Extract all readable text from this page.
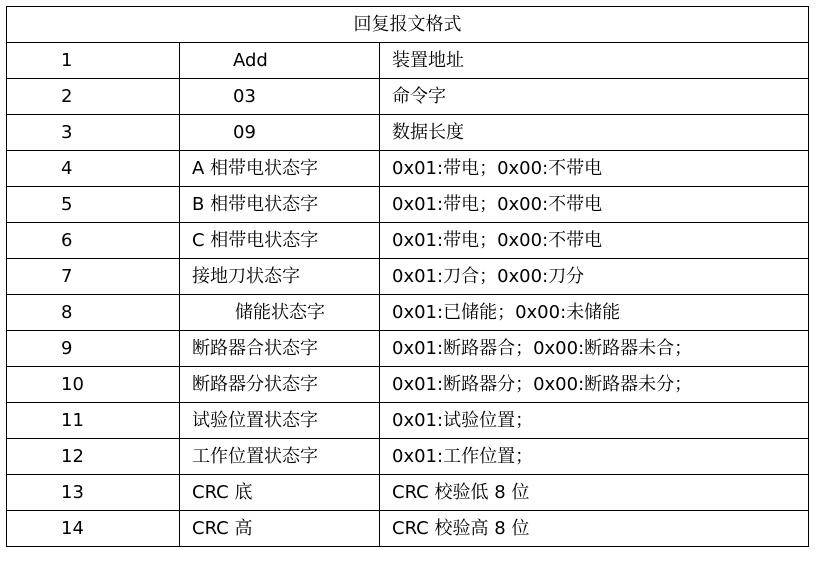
回复报文格式		
1	Add	装置地址
2	03	命令字
3	09	数据长度
4	A 相带电状态字	0x01:带电；0x00:不带电
5	B 相带电状态字	0x01:带电；0x00:不带电
6	C 相带电状态字	0x01:带电；0x00:不带电
7	接地刀状态字	0x01:刀合；0x00:刀分
8	储能状态字	0x01:已储能；0x00:未储能
9	断路器合状态字	0x01:断路器合；0x00:断路器未合；
10	断路器分状态字	0x01:断路器分；0x00:断路器未分；
11	试验位置状态字	0x01:试验位置；
12	工作位置状态字	0x01:工作位置；
13	CRC 底	CRC 校验低 8 位
14	CRC 高	CRC 校验高 8 位
